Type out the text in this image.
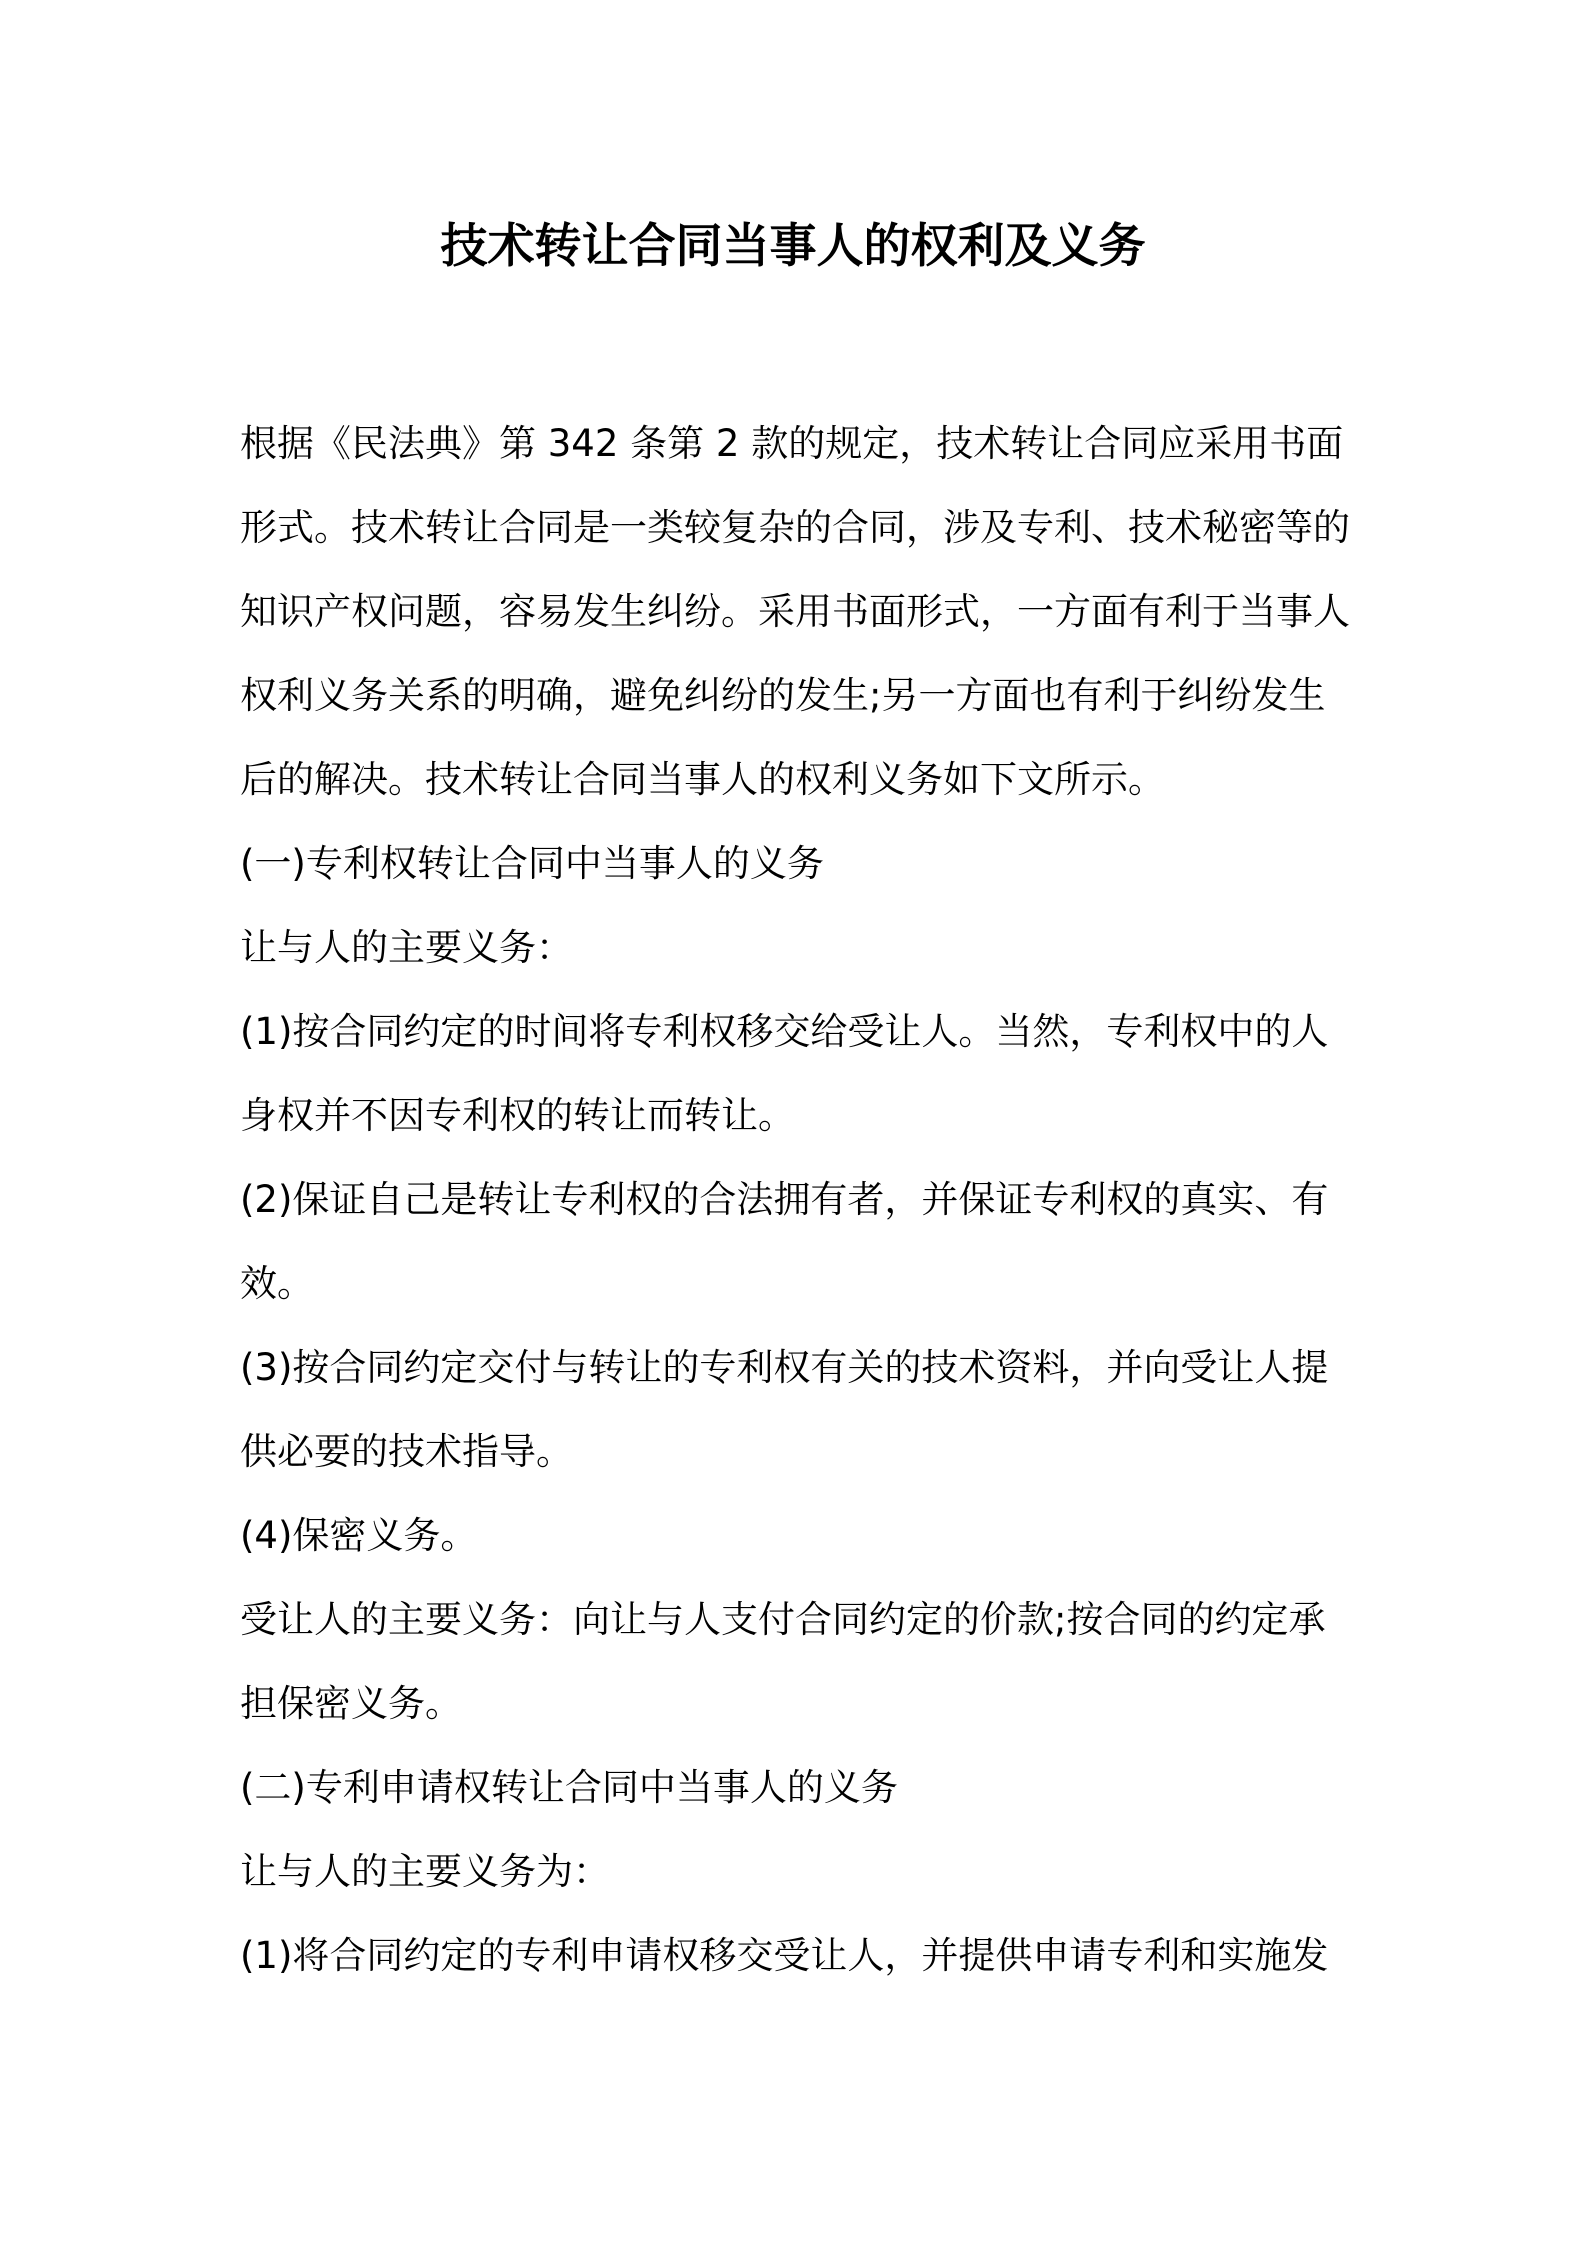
技术转让合同当事人的权利及义务

根据《民法典》第 342 条第 2 款的规定，技术转让合同应采用书面

形式。技术转让合同是一类较复杂的合同，涉及专利、技术秘密等的

知识产权问题，容易发生纠纷。采用书面形式，一方面有利于当事人

权利义务关系的明确，避免纠纷的发生;另一方面也有利于纠纷发生

后的解决。技术转让合同当事人的权利义务如下文所示。

(一)专利权转让合同中当事人的义务

让与人的主要义务：

(1)按合同约定的时间将专利权移交给受让人。当然，专利权中的人

身权并不因专利权的转让而转让。

(2)保证自己是转让专利权的合法拥有者，并保证专利权的真实、有

效。

(3)按合同约定交付与转让的专利权有关的技术资料，并向受让人提

供必要的技术指导。

(4)保密义务。

受让人的主要义务：向让与人支付合同约定的价款;按合同的约定承

担保密义务。

(二)专利申请权转让合同中当事人的义务

让与人的主要义务为：

(1)将合同约定的专利申请权移交受让人，并提供申请专利和实施发
